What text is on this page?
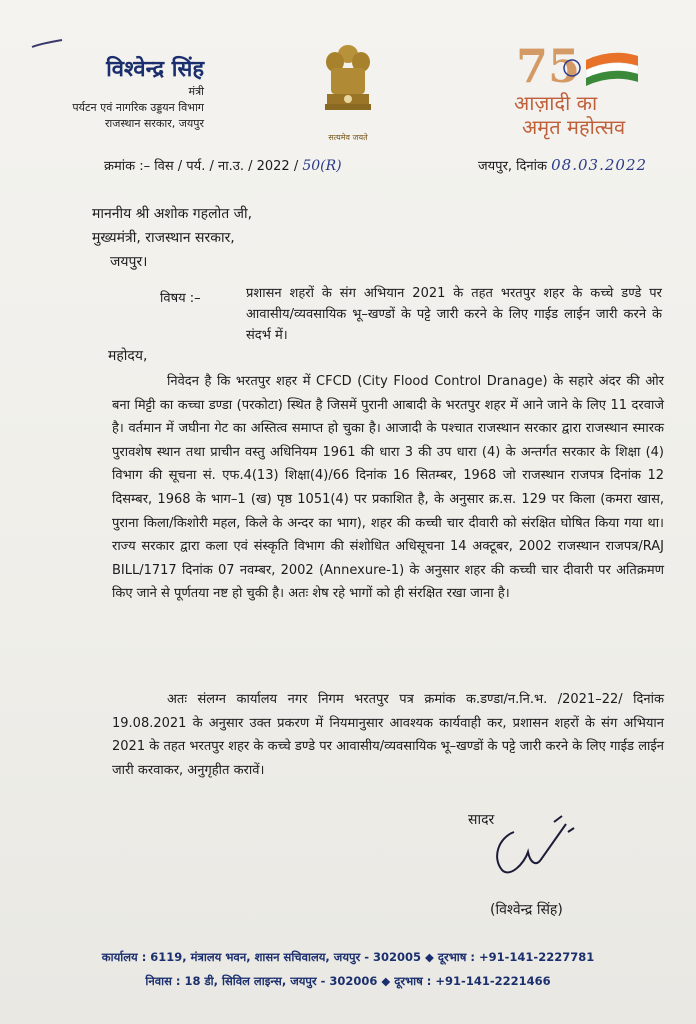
विश्वेन्द्र सिंह
मंत्री
पर्यटन एवं नागरिक उड्डयन विभाग
राजस्थान सरकार, जयपुर
सत्यमेव जयते
75
आज़ादी का
अमृत महोत्सव
क्रमांक :– विस / पर्य. / ना.उ. / 2022 / 50(R)	जयपुर, दिनांक 08.03.2022
माननीय श्री अशोक गहलोत जी,
मुख्यमंत्री, राजस्थान सरकार,
जयपुर।
विषय :–	प्रशासन शहरों के संग अभियान 2021 के तहत भरतपुर शहर के कच्चे डण्डे पर आवासीय/व्यवसायिक भू–खण्डों के पट्टे जारी करने के लिए गाईड लाईन जारी करने के संदर्भ में।
महोदय,
निवेदन है कि भरतपुर शहर में CFCD (City Flood Control Dranage) के सहारे अंदर की ओर बना मिट्टी का कच्चा डण्डा (परकोटा) स्थित है जिसमें पुरानी आबादी के भरतपुर शहर में आने जाने के लिए 11 दरवाजे है। वर्तमान में जघीना गेट का अस्तित्व समाप्त हो चुका है। आजादी के पश्चात राजस्थान सरकार द्वारा राजस्थान स्मारक पुरावशेष स्थान तथा प्राचीन वस्तु अधिनियम 1961 की धारा 3 की उप धारा (4) के अन्तर्गत सरकार के शिक्षा (4) विभाग की सूचना सं. एफ.4(13) शिक्षा(4)/66 दिनांक 16 सितम्बर, 1968 जो राजस्थान राजपत्र दिनांक 12 दिसम्बर, 1968 के भाग–1 (ख) पृष्ठ 1051(4) पर प्रकाशित है, के अनुसार क्र.स. 129 पर किला (कमरा खास, पुराना किला/किशोरी महल, किले के अन्दर का भाग), शहर की कच्ची चार दीवारी को संरक्षित घोषित किया गया था। राज्य सरकार द्वारा कला एवं संस्कृति विभाग की संशोधित अधिसूचना 14 अक्टूबर, 2002 राजस्थान राजपत्र/RAJ BILL/1717 दिनांक 07 नवम्बर, 2002 (Annexure-1) के अनुसार शहर की कच्ची चार दीवारी पर अतिक्रमण किए जाने से पूर्णतया नष्ट हो चुकी है। अतः शेष रहे भागों को ही संरक्षित रखा जाना है।
अतः संलग्न कार्यालय नगर निगम भरतपुर पत्र क्रमांक क.डण्डा/न.नि.भ. /2021–22/ दिनांक 19.08.2021 के अनुसार उक्त प्रकरण में नियमानुसार आवश्यक कार्यवाही कर, प्रशासन शहरों के संग अभियान 2021 के तहत भरतपुर शहर के कच्चे डण्डे पर आवासीय/व्यवसायिक भू–खण्डों के पट्टे जारी करने के लिए गाईड लाईन जारी करवाकर, अनुगृहीत करावें।
सादर
(विश्वेन्द्र सिंह)
कार्यालय : 6119, मंत्रालय भवन, शासन सचिवालय, जयपुर - 302005 ◆ दूरभाष : +91-141-2227781
निवास : 18 डी, सिविल लाइन्स, जयपुर - 302006 ◆ दूरभाष : +91-141-2221466
